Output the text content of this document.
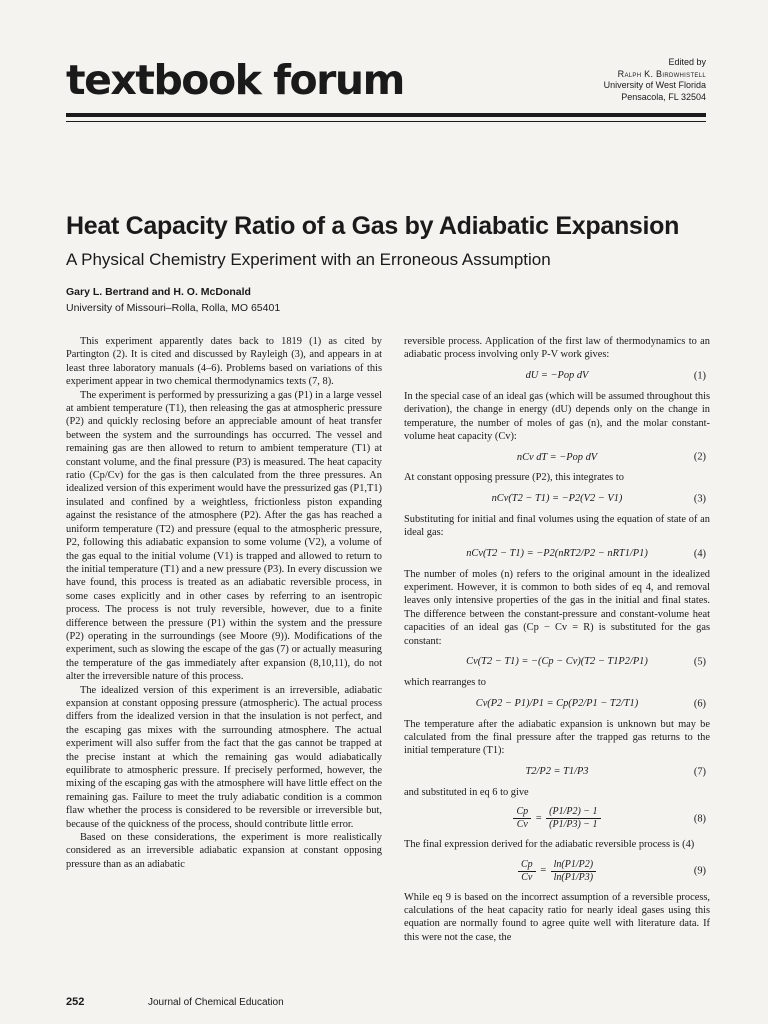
textbook forum	Edited by
Ralph K. Birdwhistell
University of West Florida
Pensacola, FL 32504
Heat Capacity Ratio of a Gas by Adiabatic Expansion
A Physical Chemistry Experiment with an Erroneous Assumption
Gary L. Bertrand and H. O. McDonald
University of Missouri–Rolla, Rolla, MO 65401

This experiment apparently dates back to 1819 (1) as cited by Partington (2). It is cited and discussed by Rayleigh (3), and appears in at least three laboratory manuals (4–6). Problems based on variations of this experiment appear in two chemical thermodynamics texts (7, 8).

The experiment is performed by pressurizing a gas (P1) in a large vessel at ambient temperature (T1), then releasing the gas at atmospheric pressure (P2) and quickly reclosing before an appreciable amount of heat transfer between the system and the surroundings has occurred. The vessel and remaining gas are then allowed to return to ambient temperature (T1) at constant volume, and the final pressure (P3) is measured. The heat capacity ratio (Cp/Cv) for the gas is then calculated from the three pressures. An idealized version of this experiment would have the pressurized gas (P1,T1) insulated and confined by a weightless, frictionless piston expanding against the resistance of the atmosphere (P2). After the gas has reached a uniform temperature (T2) and pressure (equal to the atmospheric pressure, P2, following this adiabatic expansion to some volume (V2), a volume of the gas equal to the initial volume (V1) is trapped and allowed to return to the initial temperature (T1) and a new pressure (P3). In every discussion we have found, this process is treated as an adiabatic reversible process, in some cases explicitly and in other cases by referring to an isentropic process. The process is not truly reversible, however, due to a finite difference between the pressure (P1) within the system and the pressure (P2) operating in the surroundings (see Moore (9)). Modifications of the experiment, such as slowing the escape of the gas (7) or actually measuring the temperature of the gas immediately after expansion (8,10,11), do not alter the irreversible nature of this process.

The idealized version of this experiment is an irreversible, adiabatic expansion at constant opposing pressure (atmospheric). The actual process differs from the idealized version in that the insulation is not perfect, and the escaping gas mixes with the surrounding atmosphere. The actual experiment will also suffer from the fact that the gas cannot be trapped at the precise instant at which the remaining gas would adiabatically equilibrate to atmospheric pressure. If precisely performed, however, the mixing of the escaping gas with the atmosphere will have little effect on the remaining gas. Failure to meet the truly adiabatic condition is a common flaw whether the process is considered to be reversible or irreversible but, because of the quickness of the process, should contribute little error.

Based on these considerations, the experiment is more realistically considered as an irreversible adiabatic expansion at constant opposing pressure than as an adiabatic

reversible process. Application of the first law of thermodynamics to an adiabatic process involving only P-V work gives:

dU = −Pop dV	(1)

In the special case of an ideal gas (which will be assumed throughout this derivation), the change in energy (dU) depends only on the change in temperature, the number of moles of gas (n), and the molar constant-volume heat capacity (Cv):

nCv dT = −Pop dV	(2)

At constant opposing pressure (P2), this integrates to

nCv(T2 − T1) = −P2(V2 − V1)	(3)

Substituting for initial and final volumes using the equation of state of an ideal gas:

nCv(T2 − T1) = −P2(nRT2/P2 − nRT1/P1)	(4)

The number of moles (n) refers to the original amount in the idealized experiment. However, it is common to both sides of eq 4, and removal leaves only intensive properties of the gas in the initial and final states. The difference between the constant-pressure and constant-volume heat capacities of an ideal gas (Cp − Cv = R) is substituted for the gas constant:

Cv(T2 − T1) = −(Cp − Cv)(T2 − T1P2/P1)	(5)

which rearranges to

Cv(P2 − P1)/P1 = Cp(P2/P1 − T2/T1)	(6)

The temperature after the adiabatic expansion is unknown but may be calculated from the final pressure after the trapped gas returns to the initial temperature (T1):

T2/P2 = T1/P3	(7)

and substituted in eq 6 to give

$\frac{Cp}{Cv} = \frac{(P1/P2) - 1}{(P1/P3) - 1}$	(8)

The final expression derived for the adiabatic reversible process is (4)

$\frac{Cp}{Cv} = \frac{\ln(P1/P2)}{\ln(P1/P3)}$	(9)

While eq 9 is based on the incorrect assumption of a reversible process, calculations of the heat capacity ratio for nearly ideal gases using this equation are normally found to agree quite well with literature data. If this were not the case, the

252	Journal of Chemical Education
